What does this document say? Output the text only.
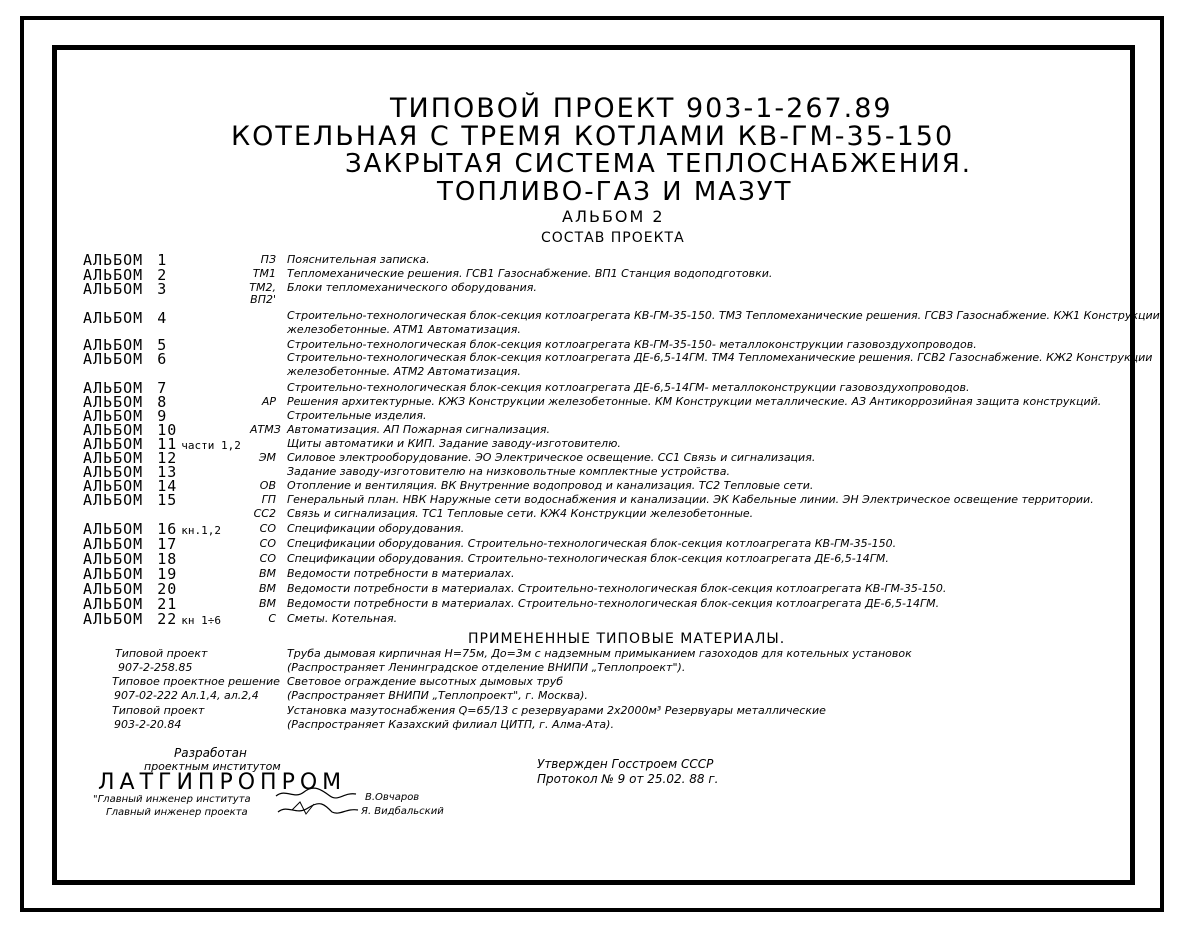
ТИПОВОЙ ПРОЕКТ 903-1-267.89
КОТЕЛЬНАЯ С ТРЕМЯ КОТЛАМИ КВ-ГМ-35-150
ЗАКРЫТАЯ СИСТЕМА ТЕПЛОСНАБЖЕНИЯ.
ТОПЛИВО-ГАЗ И МАЗУТ
АЛЬБОМ 2
СОСТАВ ПРОЕКТА
АЛЬБОМ 1
АЛЬБОМ 2
АЛЬБОМ 3
АЛЬБОМ 4
АЛЬБОМ 5
АЛЬБОМ 6
АЛЬБОМ 7
АЛЬБОМ 8
АЛЬБОМ 9
АЛЬБОМ 10
АЛЬБОМ 11 части 1,2
АЛЬБОМ 12
АЛЬБОМ 13
АЛЬБОМ 14
АЛЬБОМ 15
АЛЬБОМ 16 кн.1,2
АЛЬБОМ 17
АЛЬБОМ 18
АЛЬБОМ 19
АЛЬБОМ 20
АЛЬБОМ 21
АЛЬБОМ 22 кн 1÷6
ПЗ
ТМ1
ТМ2,
ВП2'
АР
АТМЗ
ЭМ
ОВ
ГП
СС2
СО
СО
СО
ВМ
ВМ
ВМ
С
Пояснительная записка.
Тепломеханические решения. ГСВ1 Газоснабжение. ВП1 Станция водоподготовки.
Блоки тепломеханического оборудования.
Строительно-технологическая блок-секция котлоагрегата КВ-ГМ-35-150. ТМЗ Тепломеханические решения. ГСВЗ Газоснабжение. КЖ1 Конструкции
железобетонные. АТМ1 Автоматизация.
Строительно-технологическая блок-секция котлоагрегата КВ-ГМ-35-150- металлоконструкции газовоздухопроводов.
Строительно-технологическая блок-секция котлоагрегата ДЕ-6,5-14ГМ. ТМ4 Тепломеханические решения. ГСВ2 Газоснабжение. КЖ2 Конструкции
железобетонные. АТМ2 Автоматизация.
Строительно-технологическая блок-секция котлоагрегата ДЕ-6,5-14ГМ- металлоконструкции газовоздухопроводов.
Решения архитектурные. КЖЗ Конструкции железобетонные. КМ Конструкции металлические. АЗ Антикоррозийная защита конструкций.
Строительные изделия.
Автоматизация. АП Пожарная сигнализация.
Щиты автоматики и КИП. Задание заводу-изготовителю.
Силовое электрооборудование. ЭО Электрическое освещение. СС1 Связь и сигнализация.
Задание заводу-изготовителю на низковольтные комплектные устройства.
Отопление и вентиляция. ВК Внутренние водопровод и канализация. ТС2 Тепловые сети.
Генеральный план. НВК Наружные сети водоснабжения и канализации. ЭК Кабельные линии. ЭН Электрическое освещение территории.
Связь и сигнализация. ТС1 Тепловые сети. КЖ4 Конструкции железобетонные.
Спецификации оборудования.
Спецификации оборудования. Строительно-технологическая блок-секция котлоагрегата КВ-ГМ-35-150.
Спецификации оборудования. Строительно-технологическая блок-секция котлоагрегата ДЕ-6,5-14ГМ.
Ведомости потребности в материалах.
Ведомости потребности в материалах. Строительно-технологическая блок-секция котлоагрегата КВ-ГМ-35-150.
Ведомости потребности в материалах. Строительно-технологическая блок-секция котлоагрегата ДЕ-6,5-14ГМ.
Сметы. Котельная.
ПРИМЕНЕННЫЕ ТИПОВЫЕ МАТЕРИАЛЫ.
Типовой проект
907-2-258.85
Типовое проектное решение
907-02-222 Ал.1,4, ал.2,4
Типовой проект
903-2-20.84
Труба дымовая кирпичная Н=75м, До=3м с надземным примыканием газоходов для котельных установок
(Распространяет Ленинградское отделение ВНИПИ „Теплопроект").
Световое ограждение высотных дымовых труб
(Распространяет ВНИПИ „Теплопроект", г. Москва).
Установка мазутоснабжения Q=65/13 с резервуарами 2х2000м³ Резервуары металлические
(Распространяет Казахский филиал ЦИТП, г. Алма-Ата).
Разработан
проектным институтом
ЛАТГИПРОПРОМ
"Главный инженер института
Главный инженер проекта
В.Овчаров
Я. Видбальский
Утвержден Госстроем СССР
Протокол № 9 от 25.02. 88 г.
